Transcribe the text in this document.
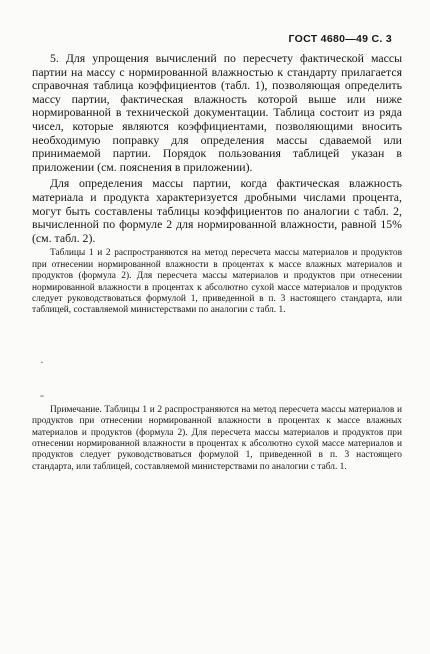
ГОСТ 4680—49 С. 3

5. Для упрощения вычислений по пересчету фактической массы партии на массу с нормированной влажностью к стандарту прилагается справочная таблица коэффициентов (табл. 1), позволяющая определить массу партии, фактическая влажность которой выше или ниже нормированной в технической документации. Таблица состоит из ряда чисел, которые являются коэффициентами, позволяющими вносить необходимую поправку для определения массы сдаваемой или принимаемой партии. Порядок пользования таблицей указан в приложении (см. пояснения в приложении).

Для определения массы партии, когда фактическая влажность материала и продукта характеризуется дробными числами процента, могут быть составлены таблицы коэффициентов по аналогии с табл. 2, вычисленной по формуле 2 для нормированной влажности, равной 15% (см. табл. 2).

Таблицы 1 и 2 распространяются на метод пересчета массы материалов и продуктов при отнесении нормированной влажности в процентах к массе влажных материалов и продуктов (формула 2). Для пересчета массы материалов и продуктов при отнесении нормированной влажности в процентах к абсолютно сухой массе материалов и продуктов следует руководствоваться формулой 1, приведенной в п. 3 настоящего стандарта, или таблицей, составляемой министерствами по аналогии с табл. 1.

Примечание. Таблицы 1 и 2 распространяются на метод пересчета массы материалов и продуктов при отнесении нормированной влажности в процентах к массе влажных материалов и продуктов (формула 2). Для пересчета массы материалов и продуктов при отнесении нормированной влажности в процентах к абсолютно сухой массе материалов и продуктов следует руководствоваться формулой 1, приведенной в п. 3 настоящего стандарта, или таблицей, составляемой министерствами по аналогии с табл. 1.

·
-
